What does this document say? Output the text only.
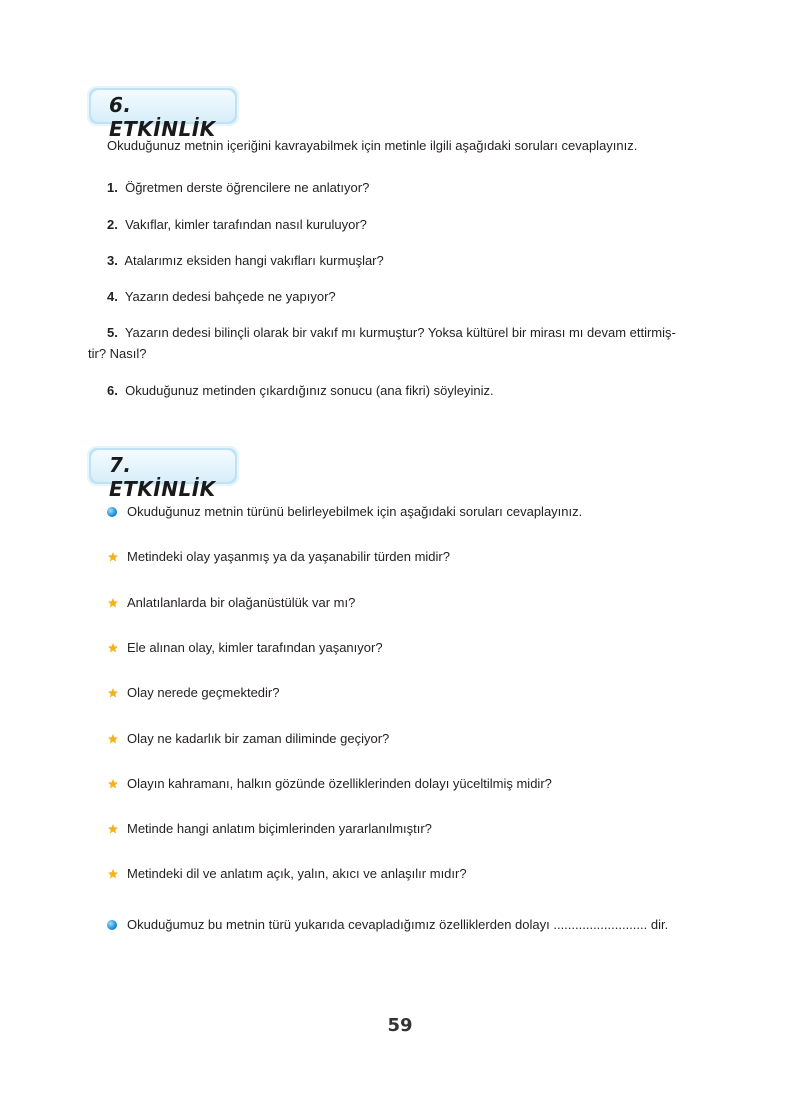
6. ETKİNLİK
Okuduğunuz metnin içeriğini kavrayabilmek için metinle ilgili aşağıdaki soruları cevaplayınız.
1. Öğretmen derste öğrencilere ne anlatıyor?
2. Vakıflar, kimler tarafından nasıl kuruluyor?
3. Atalarımız eksiden hangi vakıfları kurmuşlar?
4. Yazarın dedesi bahçede ne yapıyor?
5. Yazarın dedesi bilinçli olarak bir vakıf mı kurmuştur? Yoksa kültürel bir mirası mı devam ettirmiş-
tir? Nasıl?
6. Okuduğunuz metinden çıkardığınız sonucu (ana fikri) söyleyiniz.
7. ETKİNLİK
Okuduğunuz metnin türünü belirleyebilmek için aşağıdaki soruları cevaplayınız.
Metindeki olay yaşanmış ya da yaşanabilir türden midir?
Anlatılanlarda bir olağanüstülük var mı?
Ele alınan olay, kimler tarafından yaşanıyor?
Olay nerede geçmektedir?
Olay ne kadarlık bir zaman diliminde geçiyor?
Olayın kahramanı, halkın gözünde özelliklerinden dolayı yüceltilmiş midir?
Metinde hangi anlatım biçimlerinden yararlanılmıştır?
Metindeki dil ve anlatım açık, yalın, akıcı ve anlaşılır mıdır?
Okuduğumuz bu metnin türü yukarıda cevapladığımız özelliklerden dolayı .......................... dir.
59
